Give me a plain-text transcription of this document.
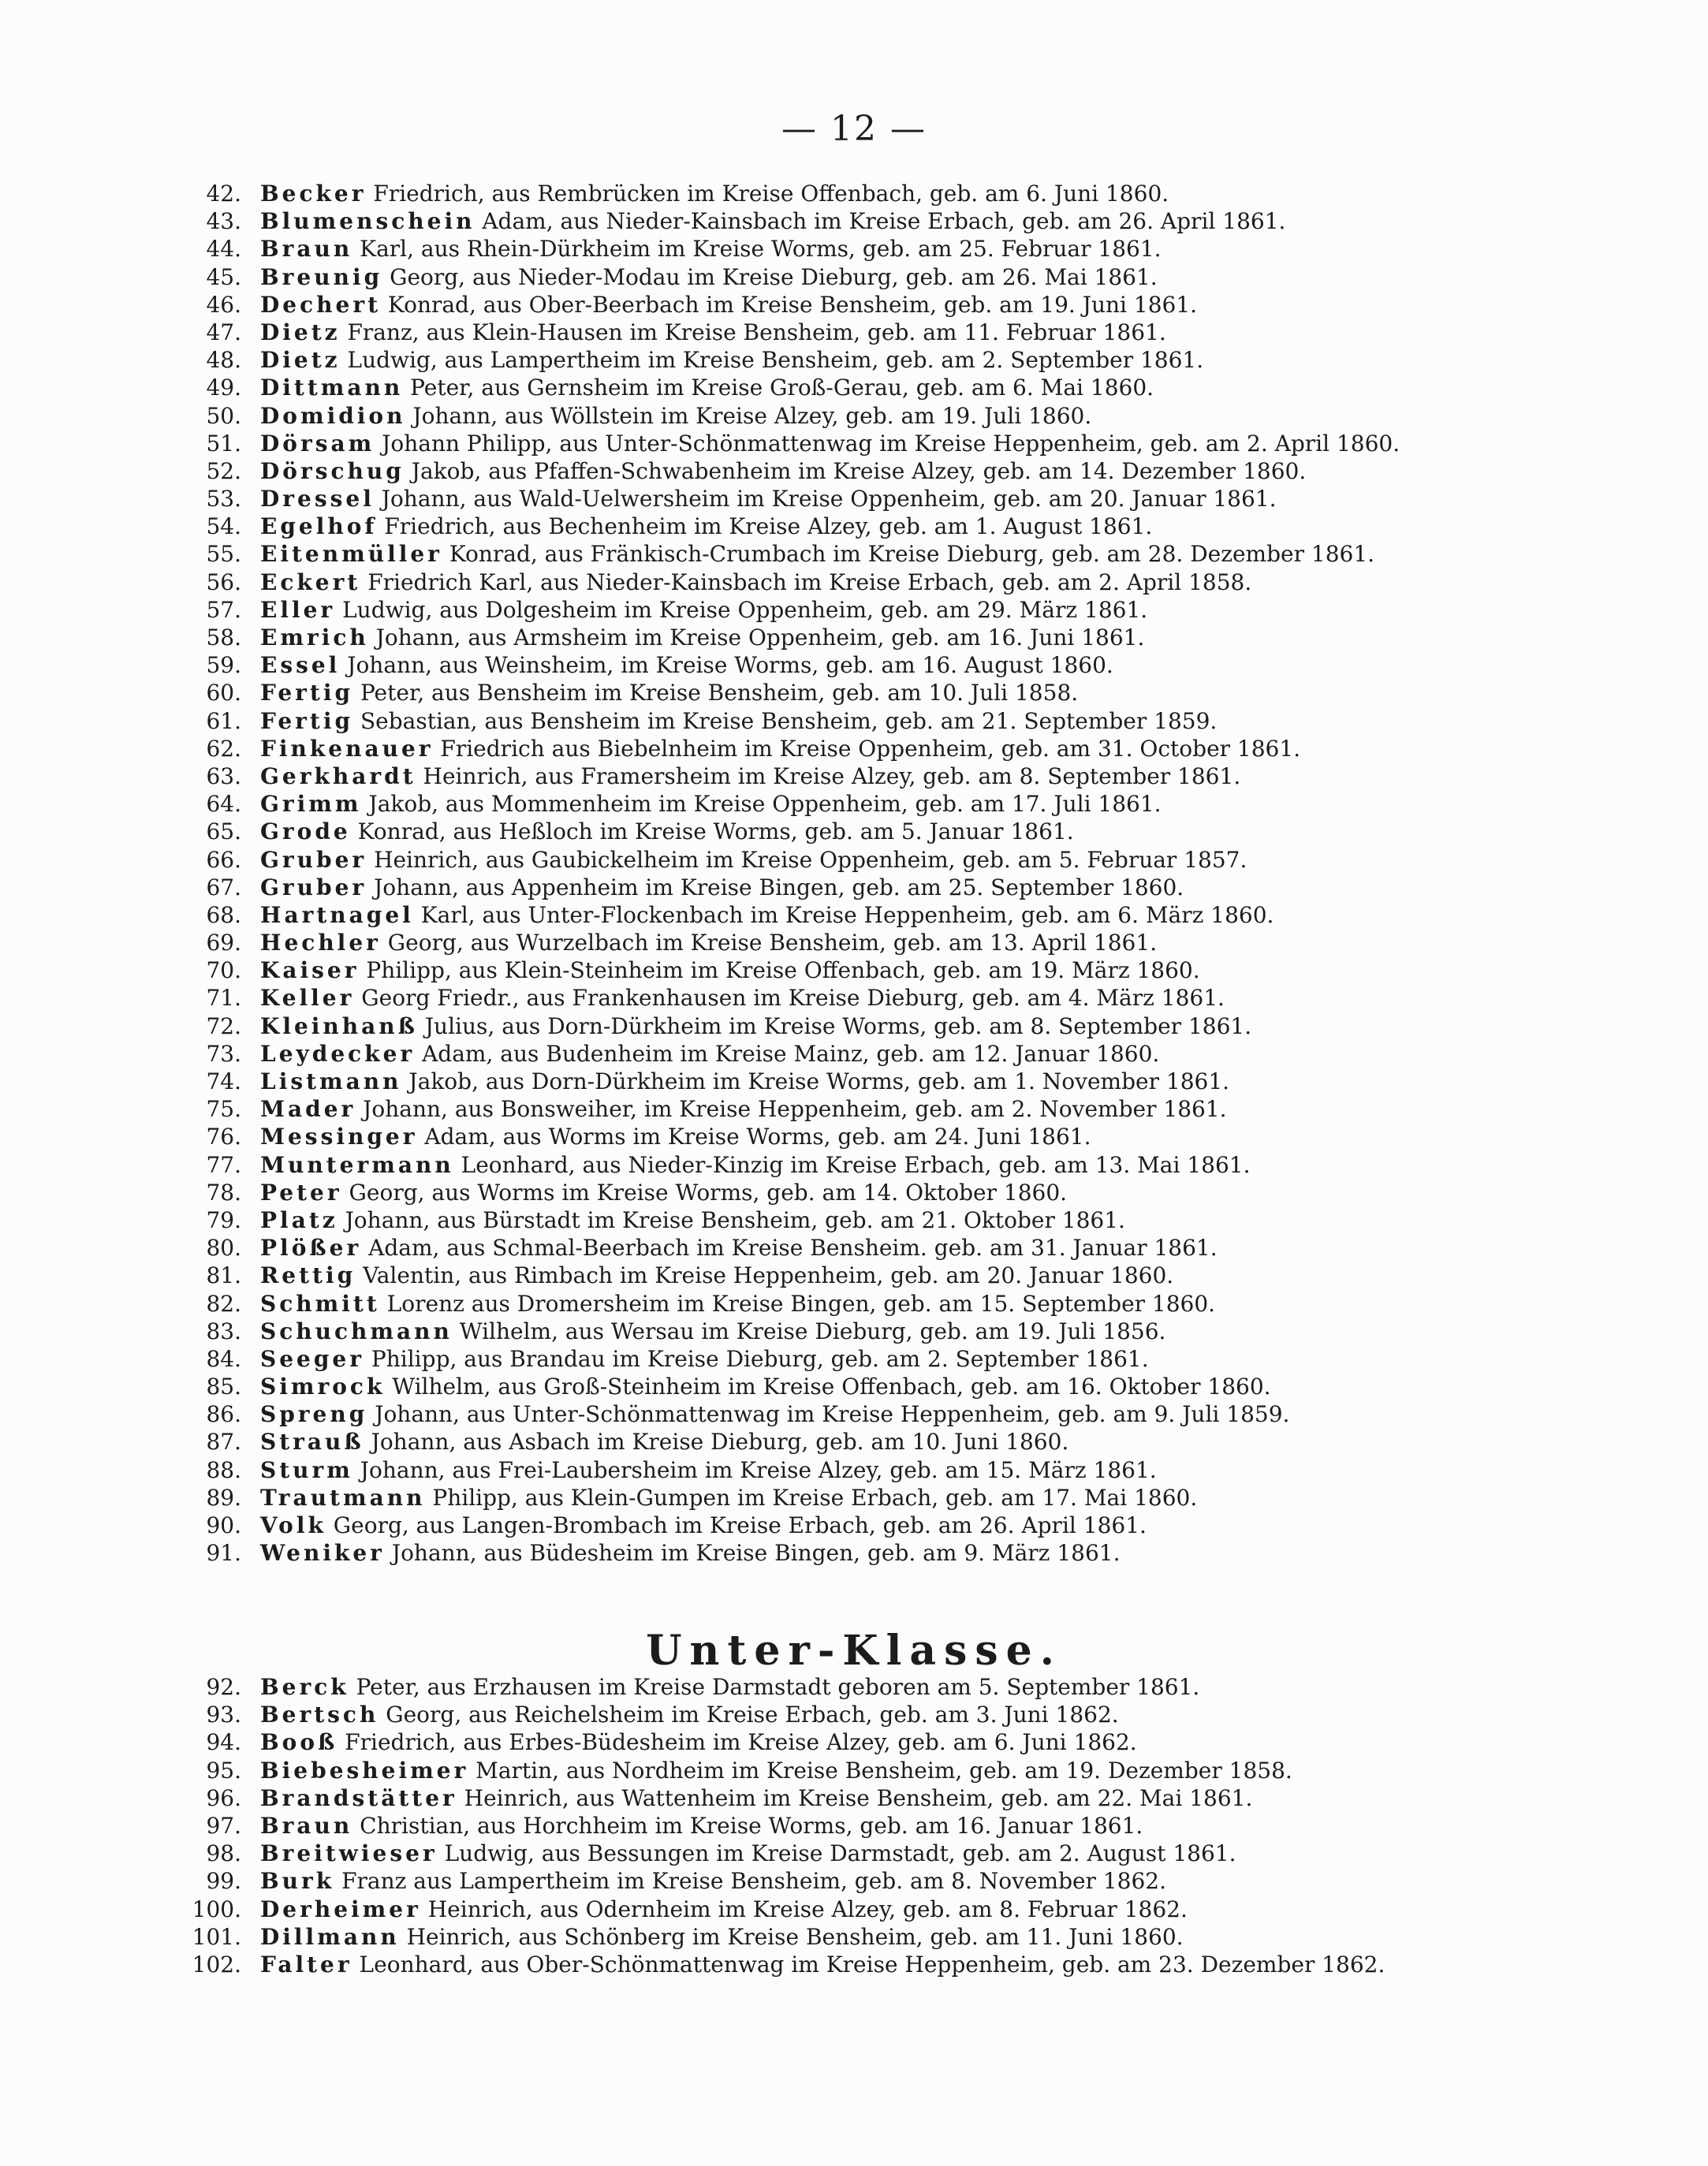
— 12 —
42. Becker Friedrich, aus Rembrücken im Kreise Offenbach, geb. am 6. Juni 1860.
43. Blumenschein Adam, aus Nieder-Kainsbach im Kreise Erbach, geb. am 26. April 1861.
44. Braun Karl, aus Rhein-Dürkheim im Kreise Worms, geb. am 25. Februar 1861.
45. Breunig Georg, aus Nieder-Modau im Kreise Dieburg, geb. am 26. Mai 1861.
46. Dechert Konrad, aus Ober-Beerbach im Kreise Bensheim, geb. am 19. Juni 1861.
47. Dietz Franz, aus Klein-Hausen im Kreise Bensheim, geb. am 11. Februar 1861.
48. Dietz Ludwig, aus Lampertheim im Kreise Bensheim, geb. am 2. September 1861.
49. Dittmann Peter, aus Gernsheim im Kreise Groß-Gerau, geb. am 6. Mai 1860.
50. Domidion Johann, aus Wöllstein im Kreise Alzey, geb. am 19. Juli 1860.
51. Dörsam Johann Philipp, aus Unter-Schönmattenwag im Kreise Heppenheim, geb. am 2. April 1860.
52. Dörschug Jakob, aus Pfaffen-Schwabenheim im Kreise Alzey, geb. am 14. Dezember 1860.
53. Dressel Johann, aus Wald-Uelwersheim im Kreise Oppenheim, geb. am 20. Januar 1861.
54. Egelhof Friedrich, aus Bechenheim im Kreise Alzey, geb. am 1. August 1861.
55. Eitenmüller Konrad, aus Fränkisch-Crumbach im Kreise Dieburg, geb. am 28. Dezember 1861.
56. Eckert Friedrich Karl, aus Nieder-Kainsbach im Kreise Erbach, geb. am 2. April 1858.
57. Eller Ludwig, aus Dolgesheim im Kreise Oppenheim, geb. am 29. März 1861.
58. Emrich Johann, aus Armsheim im Kreise Oppenheim, geb. am 16. Juni 1861.
59. Essel Johann, aus Weinsheim, im Kreise Worms, geb. am 16. August 1860.
60. Fertig Peter, aus Bensheim im Kreise Bensheim, geb. am 10. Juli 1858.
61. Fertig Sebastian, aus Bensheim im Kreise Bensheim, geb. am 21. September 1859.
62. Finkenauer Friedrich aus Biebelnheim im Kreise Oppenheim, geb. am 31. October 1861.
63. Gerkhardt Heinrich, aus Framersheim im Kreise Alzey, geb. am 8. September 1861.
64. Grimm Jakob, aus Mommenheim im Kreise Oppenheim, geb. am 17. Juli 1861.
65. Grode Konrad, aus Heßloch im Kreise Worms, geb. am 5. Januar 1861.
66. Gruber Heinrich, aus Gaubickelheim im Kreise Oppenheim, geb. am 5. Februar 1857.
67. Gruber Johann, aus Appenheim im Kreise Bingen, geb. am 25. September 1860.
68. Hartnagel Karl, aus Unter-Flockenbach im Kreise Heppenheim, geb. am 6. März 1860.
69. Hechler Georg, aus Wurzelbach im Kreise Bensheim, geb. am 13. April 1861.
70. Kaiser Philipp, aus Klein-Steinheim im Kreise Offenbach, geb. am 19. März 1860.
71. Keller Georg Friedr., aus Frankenhausen im Kreise Dieburg, geb. am 4. März 1861.
72. Kleinhanß Julius, aus Dorn-Dürkheim im Kreise Worms, geb. am 8. September 1861.
73. Leydecker Adam, aus Budenheim im Kreise Mainz, geb. am 12. Januar 1860.
74. Listmann Jakob, aus Dorn-Dürkheim im Kreise Worms, geb. am 1. November 1861.
75. Mader Johann, aus Bonsweiher, im Kreise Heppenheim, geb. am 2. November 1861.
76. Messinger Adam, aus Worms im Kreise Worms, geb. am 24. Juni 1861.
77. Muntermann Leonhard, aus Nieder-Kinzig im Kreise Erbach, geb. am 13. Mai 1861.
78. Peter Georg, aus Worms im Kreise Worms, geb. am 14. Oktober 1860.
79. Platz Johann, aus Bürstadt im Kreise Bensheim, geb. am 21. Oktober 1861.
80. Plößer Adam, aus Schmal-Beerbach im Kreise Bensheim. geb. am 31. Januar 1861.
81. Rettig Valentin, aus Rimbach im Kreise Heppenheim, geb. am 20. Januar 1860.
82. Schmitt Lorenz aus Dromersheim im Kreise Bingen, geb. am 15. September 1860.
83. Schuchmann Wilhelm, aus Wersau im Kreise Dieburg, geb. am 19. Juli 1856.
84. Seeger Philipp, aus Brandau im Kreise Dieburg, geb. am 2. September 1861.
85. Simrock Wilhelm, aus Groß-Steinheim im Kreise Offenbach, geb. am 16. Oktober 1860.
86. Spreng Johann, aus Unter-Schönmattenwag im Kreise Heppenheim, geb. am 9. Juli 1859.
87. Strauß Johann, aus Asbach im Kreise Dieburg, geb. am 10. Juni 1860.
88. Sturm Johann, aus Frei-Laubersheim im Kreise Alzey, geb. am 15. März 1861.
89. Trautmann Philipp, aus Klein-Gumpen im Kreise Erbach, geb. am 17. Mai 1860.
90. Volk Georg, aus Langen-Brombach im Kreise Erbach, geb. am 26. April 1861.
91. Weniker Johann, aus Büdesheim im Kreise Bingen, geb. am 9. März 1861.
Unter-Klasse.
92. Berck Peter, aus Erzhausen im Kreise Darmstadt geboren am 5. September 1861.
93. Bertsch Georg, aus Reichelsheim im Kreise Erbach, geb. am 3. Juni 1862.
94. Booß Friedrich, aus Erbes-Büdesheim im Kreise Alzey, geb. am 6. Juni 1862.
95. Biebesheimer Martin, aus Nordheim im Kreise Bensheim, geb. am 19. Dezember 1858.
96. Brandstätter Heinrich, aus Wattenheim im Kreise Bensheim, geb. am 22. Mai 1861.
97. Braun Christian, aus Horchheim im Kreise Worms, geb. am 16. Januar 1861.
98. Breitwieser Ludwig, aus Bessungen im Kreise Darmstadt, geb. am 2. August 1861.
99. Burk Franz aus Lampertheim im Kreise Bensheim, geb. am 8. November 1862.
100. Derheimer Heinrich, aus Odernheim im Kreise Alzey, geb. am 8. Februar 1862.
101. Dillmann Heinrich, aus Schönberg im Kreise Bensheim, geb. am 11. Juni 1860.
102. Falter Leonhard, aus Ober-Schönmattenwag im Kreise Heppenheim, geb. am 23. Dezember 1862.
